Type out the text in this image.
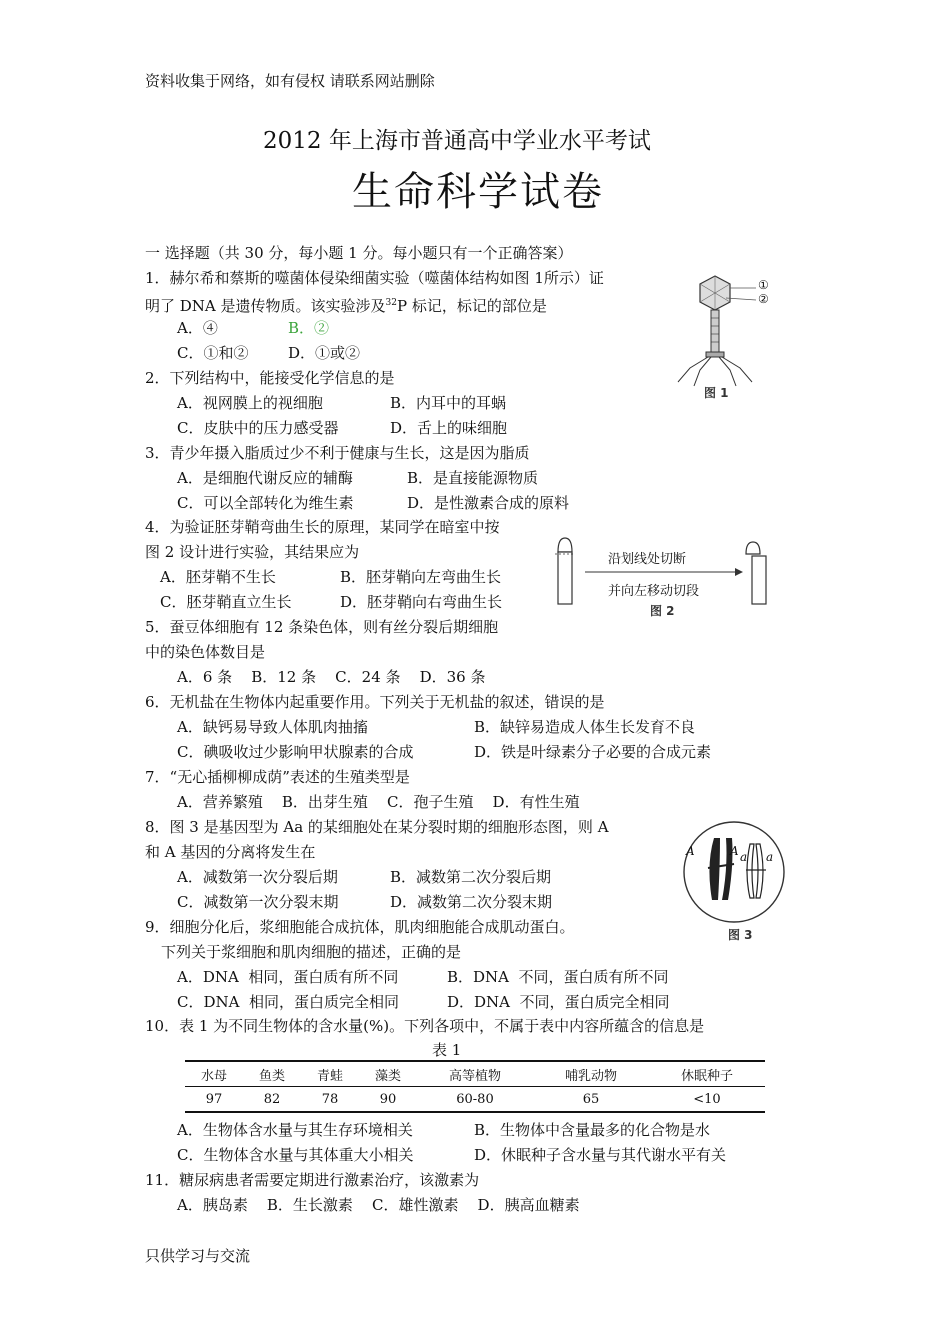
资料收集于网络，如有侵权 请联系网站删除
2012 年上海市普通高中学业水平考试
生命科学试卷
一 选择题（共 30 分，每小题 1 分。每小题只有一个正确答案）
1．赫尔希和蔡斯的噬菌体侵染细菌实验（噬菌体结构如图 1所示）证
明了 DNA 是遗传物质。该实验涉及$^{32}$P 标记，标记的部位是
A．④	B．②
C．①和②	D．①或②
①
②
图 1
2．下列结构中，能接受化学信息的是
A．视网膜上的视细胞	B．内耳中的耳蜗
C．皮肤中的压力感受器	D．舌上的味细胞
3．青少年摄入脂质过少不利于健康与生长，这是因为脂质
A．是细胞代谢反应的辅酶	B．是直接能源物质
C．可以全部转化为维生素	D．是性激素合成的原料
4．为验证胚芽鞘弯曲生长的原理，某同学在暗室中按
图 2 设计进行实验，其结果应为
A．胚芽鞘不生长	B．胚芽鞘向左弯曲生长
C．胚芽鞘直立生长	D．胚芽鞘向右弯曲生长
沿划线处切断
并向左移动切段
图 2
5．蚕豆体细胞有 12 条染色体，则有丝分裂后期细胞
中的染色体数目是
A．6 条    B．12 条    C．24 条    D．36 条
6．无机盐在生物体内起重要作用。下列关于无机盐的叙述，错误的是
A．缺钙易导致人体肌肉抽搐	B．缺锌易造成人体生长发育不良
C．碘吸收过少影响甲状腺素的合成	D．铁是叶绿素分子必要的合成元素
7．“无心插柳柳成荫”表述的生殖类型是
A．营养繁殖    B．出芽生殖    C．孢子生殖    D．有性生殖
8．图 3 是基因型为 Aa 的某细胞处在某分裂时期的细胞形态图，则 A
和 A 基因的分离将发生在
A．减数第一次分裂后期	B．减数第二次分裂后期
C．减数第一次分裂末期	D．减数第二次分裂末期
A	A a a
图 3
9．细胞分化后，浆细胞能合成抗体，肌肉细胞能合成肌动蛋白。
下列关于浆细胞和肌肉细胞的描述，正确的是
A．DNA  相同，蛋白质有所不同	B．DNA  不同，蛋白质有所不同
C．DNA  相同，蛋白质完全相同	D．DNA  不同，蛋白质完全相同
10．表 1 为不同生物体的含水量(%)。下列各项中，不属于表中内容所蕴含的信息是
表 1
水母	鱼类	青蛙	藻类	高等植物	哺乳动物	休眠种子
97	82	78	90	60-80	65	<10
A．生物体含水量与其生存环境相关	B．生物体中含量最多的化合物是水
C．生物体含水量与其体重大小相关	D．休眠种子含水量与其代谢水平有关
11．糖尿病患者需要定期进行激素治疗，该激素为
A．胰岛素    B．生长激素    C．雄性激素    D．胰高血糖素
只供学习与交流
